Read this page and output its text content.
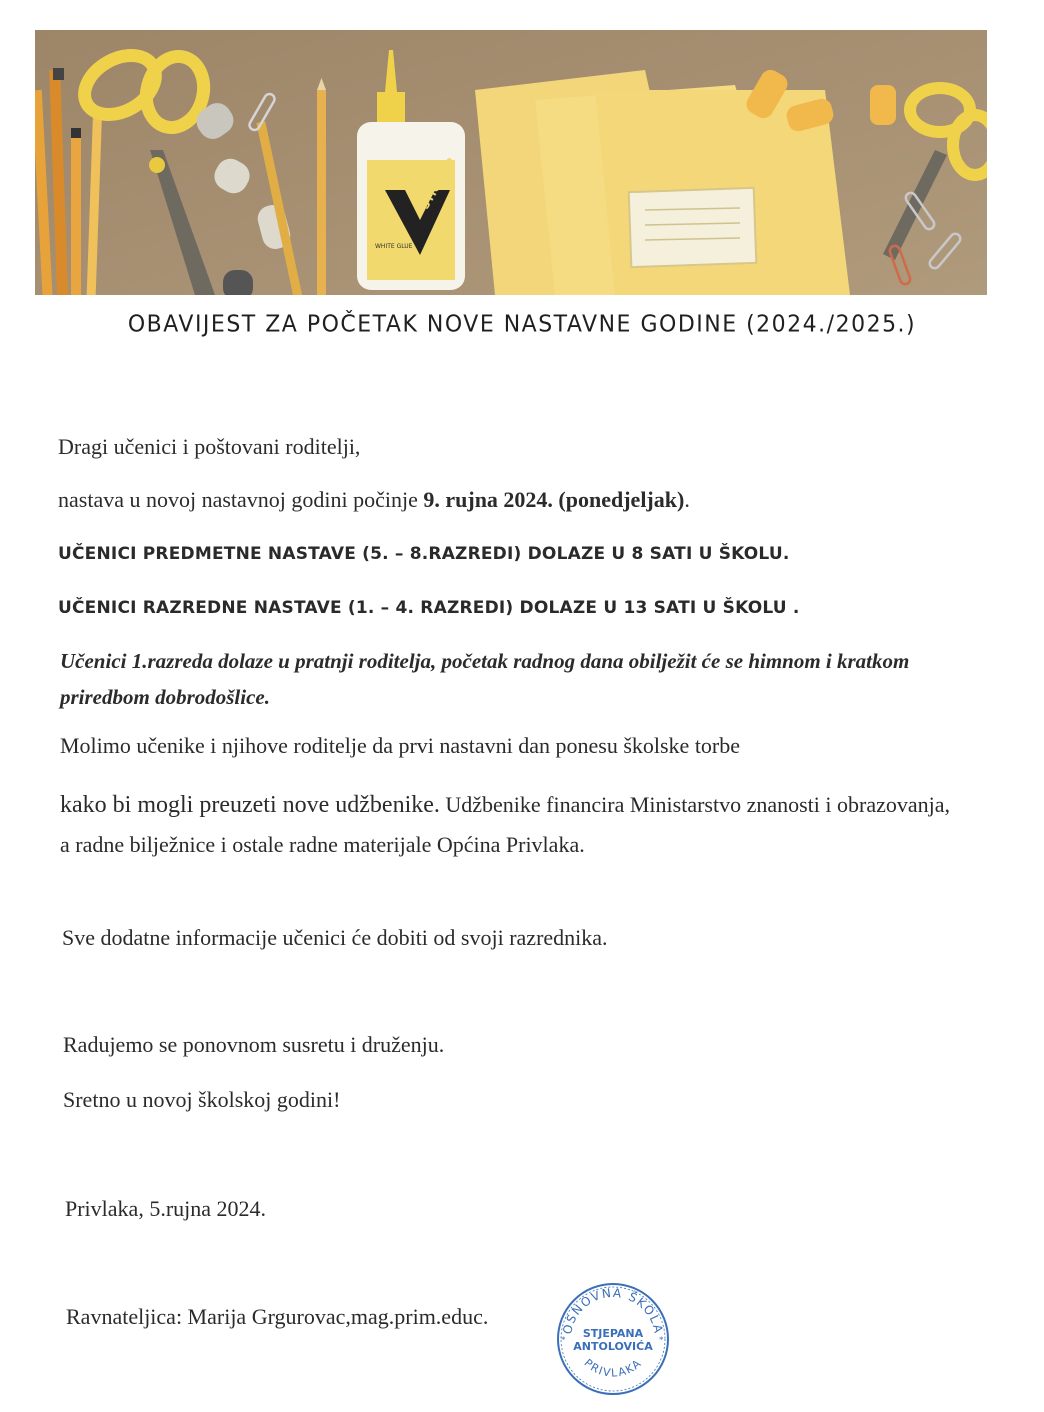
STICK UP
WHITE GLUE
OBAVIJEST ZA POČETAK NOVE NASTAVNE GODINE (2024./2025.)
Dragi učenici i poštovani roditelji,
nastava u novoj nastavnoj godini počinje 9. rujna 2024. (ponedjeljak).
UČENICI PREDMETNE NASTAVE (5. – 8.RAZREDI) DOLAZE U 8 SATI U ŠKOLU.
UČENICI RAZREDNE NASTAVE (1. – 4. RAZREDI) DOLAZE U 13 SATI U ŠKOLU .
Učenici 1.razreda dolaze u pratnji roditelja, početak radnog dana obilježit će se himnom i kratkom priredbom dobrodošlice.
Molimo učenike i njihove roditelje da prvi nastavni dan ponesu školske torbe
kako bi mogli preuzeti nove udžbenike. Udžbenike financira Ministarstvo znanosti i obrazovanja, a radne bilježnice i ostale radne materijale Općina Privlaka.
Sve dodatne informacije učenici će dobiti od svoji razrednika.
Radujemo se ponovnom susretu i druženju.
Sretno u novoj školskoj godini!
Privlaka, 5.rujna 2024.
Ravnateljica: Marija Grgurovac,mag.prim.educ.	OSNOVNA ŠKOLA
STJEPANA
ANTOLOVIĆA
PRIVLAKA
*	*
